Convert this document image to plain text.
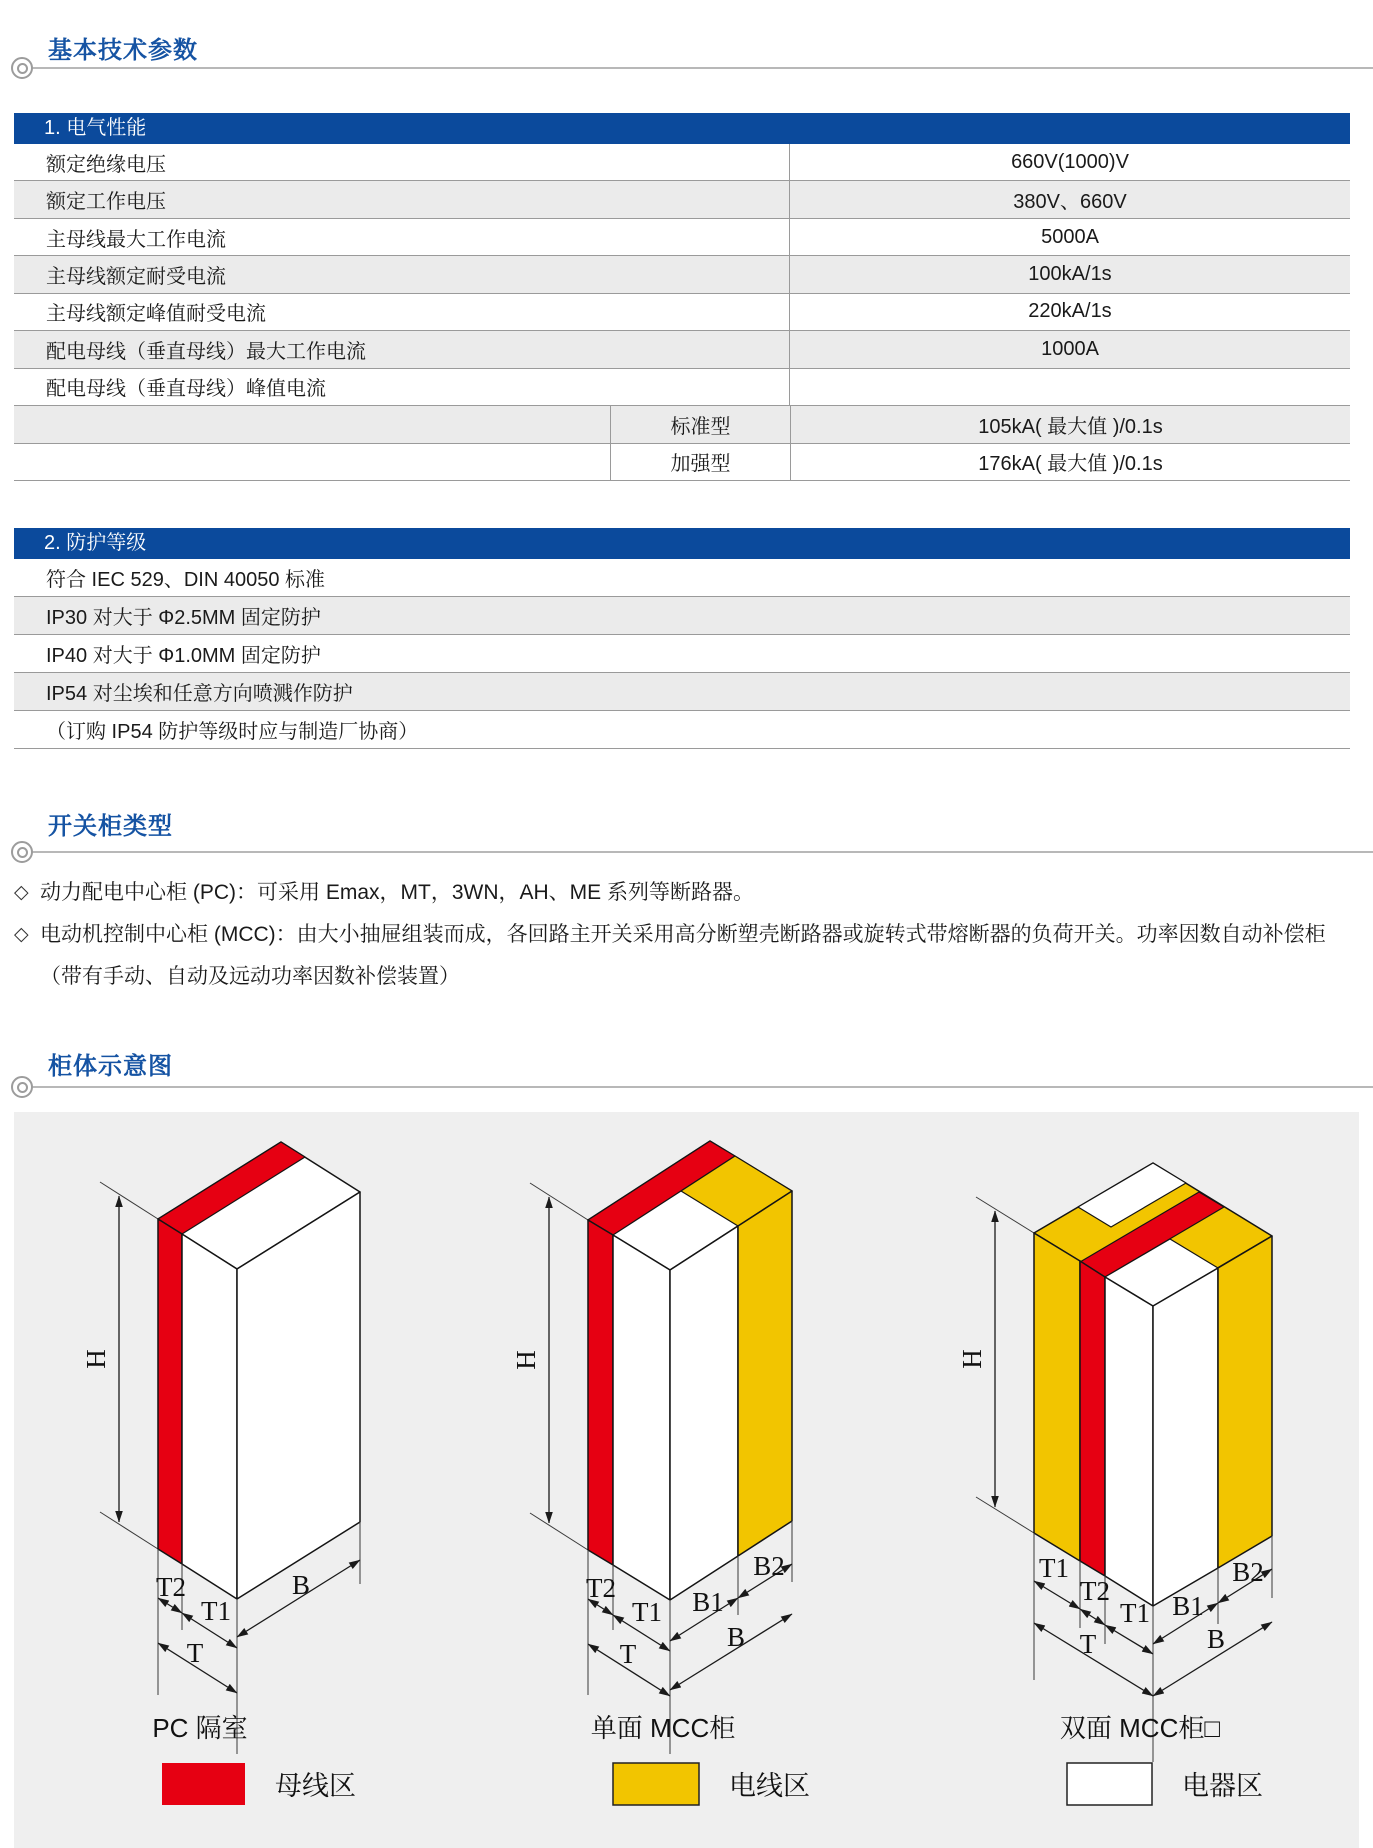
基本技术参数
1. 电气性能
额定绝缘电压	660V(1000)V
额定工作电压	380V、660V
主母线最大工作电流	5000A
主母线额定耐受电流	100kA/1s
主母线额定峰值耐受电流	220kA/1s
配电母线（垂直母线）最大工作电流	1000A
配电母线（垂直母线）峰值电流
标准型	105kA( 最大值 )/0.1s
加强型	176kA( 最大值 )/0.1s
2. 防护等级
符合 IEC 529、DIN 40050 标准
IP30 对大于 Φ2.5MM 固定防护
IP40 对大于 Φ1.0MM 固定防护
IP54 对尘埃和任意方向喷溅作防护
（订购 IP54 防护等级时应与制造厂协商）
开关柜类型
◇ 动力配电中心柜 (PC)：可采用 Emax，MT，3WN，AH、ME 系列等断路器。
◇ 电动机控制中心柜 (MCC)：由大小抽屉组装而成，各回路主开关采用高分断塑壳断路器或旋转式带熔断器的负荷开关。功率因数自动补偿柜（带有手动、自动及远动功率因数补偿装置）
柜体示意图
H
T2
T1
T
B
PC 隔室
母线区
H
T2
T1
T
B1
B2
B
单面 MCC柜
电线区
H
T1
T2
T1
T
B1
B2
B
双面 MCC柜□
电器区
